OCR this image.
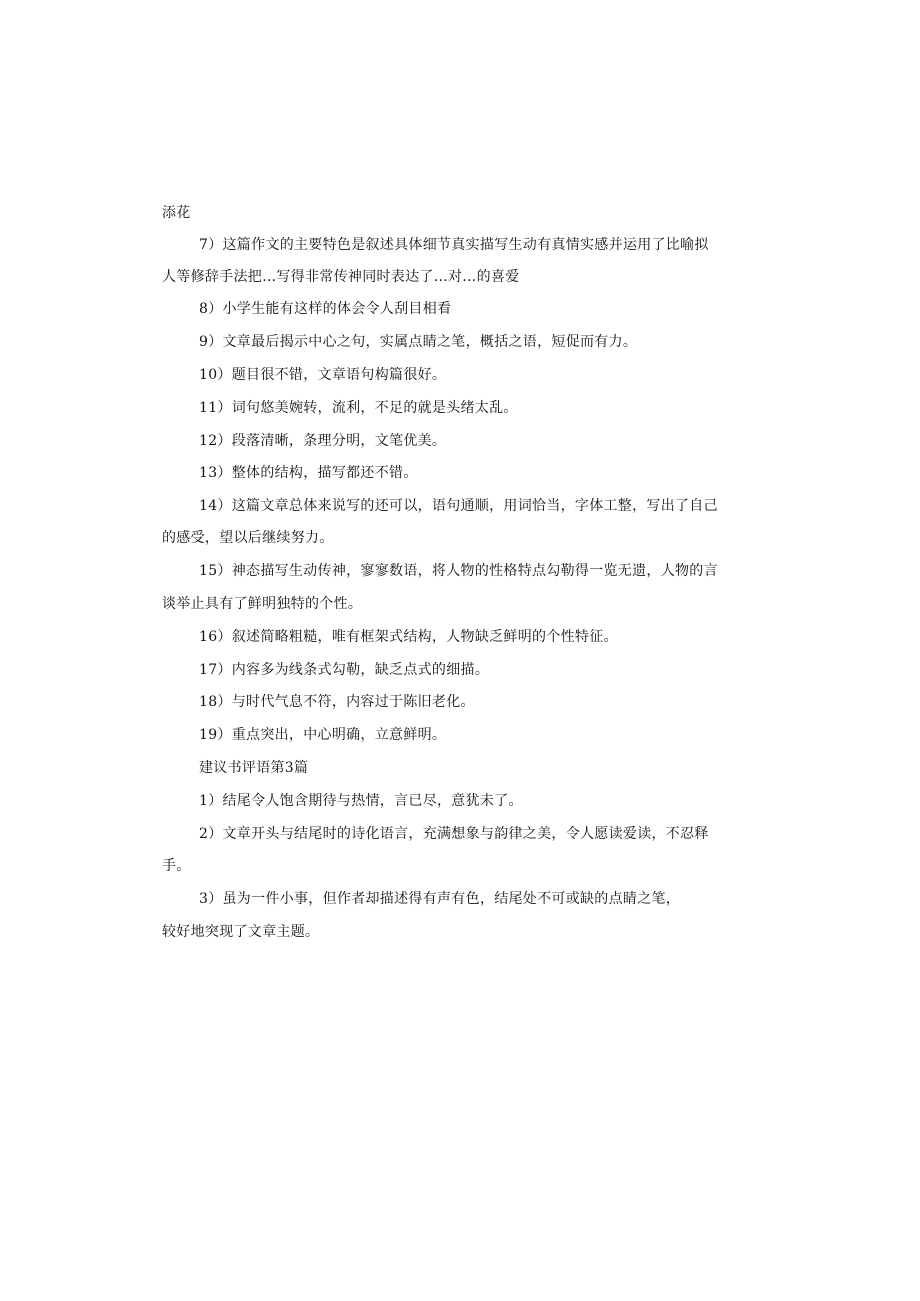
添花
7）这篇作文的主要特色是叙述具体细节真实描写生动有真情实感并运用了比喻拟
人等修辞手法把…写得非常传神同时表达了…对…的喜爱
8）小学生能有这样的体会令人刮目相看
9）文章最后揭示中心之句，实属点睛之笔，概括之语，短促而有力。
10）题目很不错，文章语句构篇很好。
11）词句悠美婉转，流利，不足的就是头绪太乱。
12）段落清晰，条理分明，文笔优美。
13）整体的结构，描写都还不错。
14）这篇文章总体来说写的还可以，语句通顺，用词恰当，字体工整，写出了自己
的感受，望以后继续努力。
15）神态描写生动传神，寥寥数语，将人物的性格特点勾勒得一览无遗，人物的言
谈举止具有了鲜明独特的个性。
16）叙述简略粗糙，唯有框架式结构，人物缺乏鲜明的个性特征。
17）内容多为线条式勾勒，缺乏点式的细描。
18）与时代气息不符，内容过于陈旧老化。
19）重点突出，中心明确，立意鲜明。
建议书评语第3篇
1）结尾令人饱含期待与热情，言已尽，意犹未了。
2）文章开头与结尾时的诗化语言，充满想象与韵律之美，令人愿读爱读，不忍释
手。
3）虽为一件小事，但作者却描述得有声有色，结尾处不可或缺的点睛之笔，
较好地突现了文章主题。
